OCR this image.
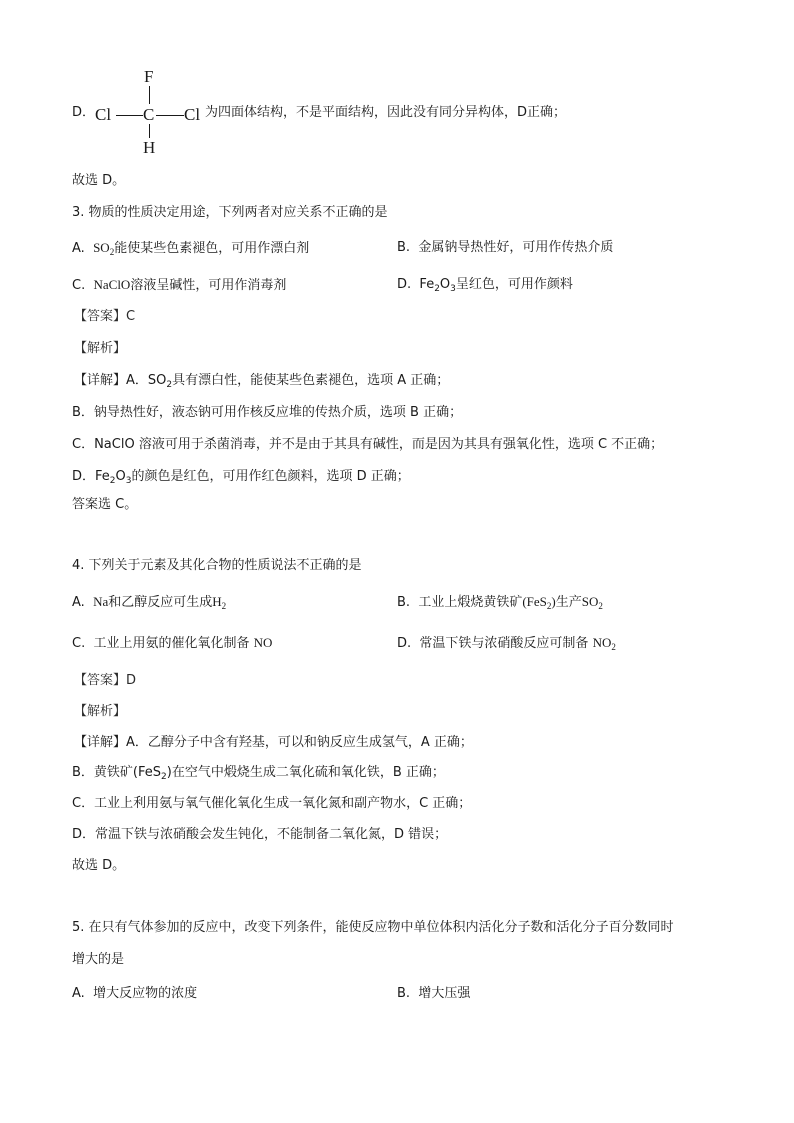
D．
F
Cl C Cl
H
为四面体结构，不是平面结构，因此没有同分异构体，D正确；
故选 D。
3. 物质的性质决定用途，下列两者对应关系不正确的是
A. $SO_2$能使某些色素褪色，可用作漂白剂	B. 金属钠导热性好，可用作传热介质
C. NaClO溶液呈碱性，可用作消毒剂	D. $Fe_2O_3$呈红色，可用作颜料
【答案】C
【解析】
【详解】A．$SO_2$具有漂白性，能使某些色素褪色，选项 A 正确；
B．钠导热性好，液态钠可用作核反应堆的传热介质，选项 B 正确；
C．NaClO 溶液可用于杀菌消毒，并不是由于其具有碱性，而是因为其具有强氧化性，选项 C 不正确；
D．$Fe_2O_3$的颜色是红色，可用作红色颜料，选项 D 正确；
答案选 C。
4. 下列关于元素及其化合物的性质说法不正确的是
A. Na和乙醇反应可生成$H_2$	B. 工业上煅烧黄铁矿(FeS$_2$)生产$SO_2$
C. 工业上用氨的催化氧化制备 NO	D. 常温下铁与浓硝酸反应可制备 $NO_2$
【答案】D
【解析】
【详解】A．乙醇分子中含有羟基，可以和钠反应生成氢气，A 正确；
B．黄铁矿(FeS$_2$)在空气中煅烧生成二氧化硫和氧化铁，B 正确；
C．工业上利用氨与氧气催化氧化生成一氧化氮和副产物水，C 正确；
D．常温下铁与浓硝酸会发生钝化，不能制备二氧化氮，D 错误；
故选 D。
5. 在只有气体参加的反应中，改变下列条件，能使反应物中单位体积内活化分子数和活化分子百分数同时
增大的是
A. 增大反应物的浓度	B. 增大压强
